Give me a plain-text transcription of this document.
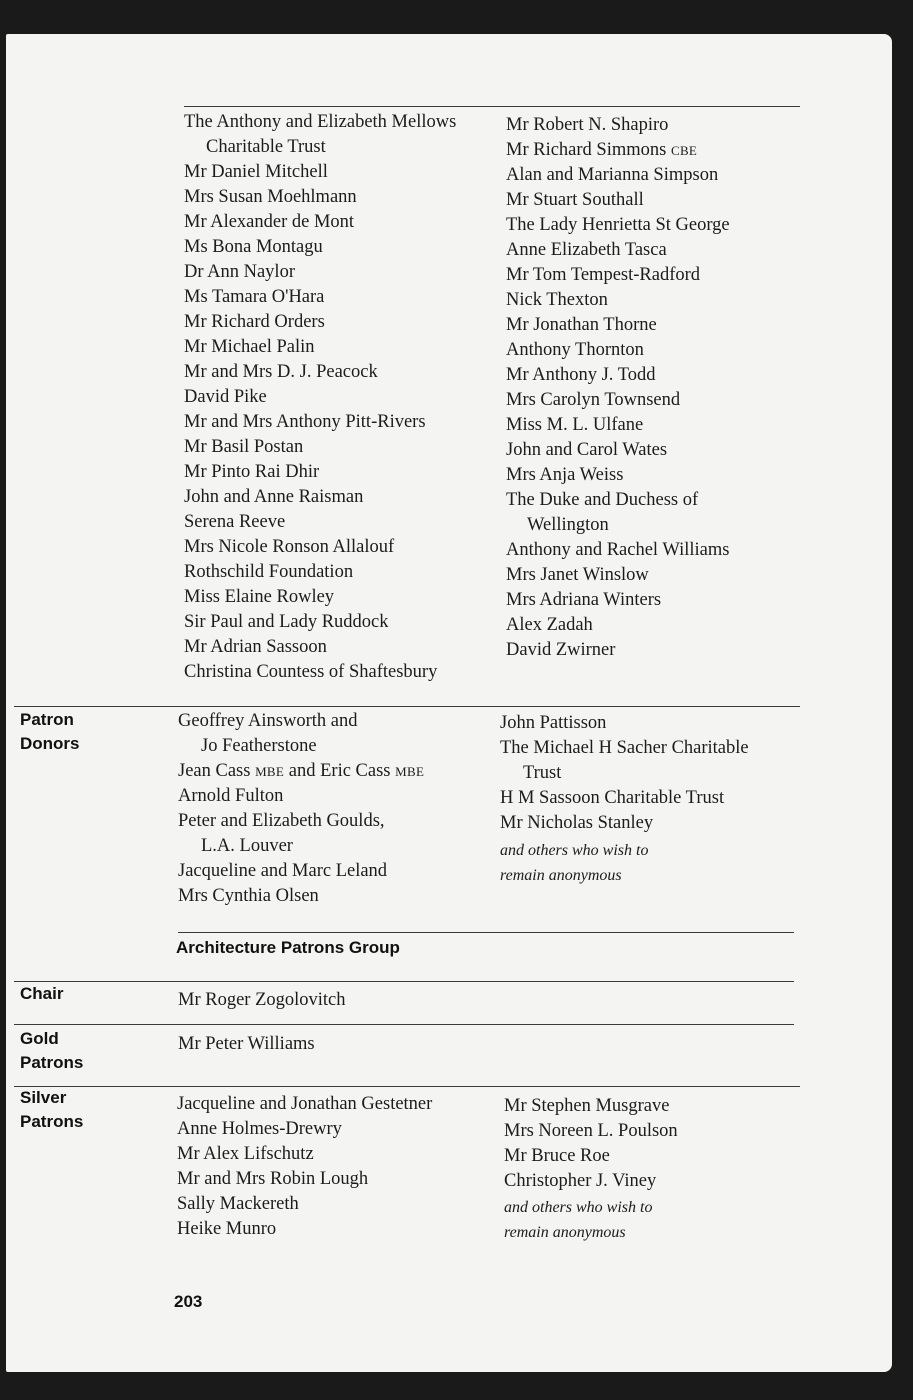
The Anthony and Elizabeth Mellows
Charitable Trust
Mr Daniel Mitchell
Mrs Susan Moehlmann
Mr Alexander de Mont
Ms Bona Montagu
Dr Ann Naylor
Ms Tamara O'Hara
Mr Richard Orders
Mr Michael Palin
Mr and Mrs D. J. Peacock
David Pike
Mr and Mrs Anthony Pitt-Rivers
Mr Basil Postan
Mr Pinto Rai Dhir
John and Anne Raisman
Serena Reeve
Mrs Nicole Ronson Allalouf
Rothschild Foundation
Miss Elaine Rowley
Sir Paul and Lady Ruddock
Mr Adrian Sassoon
Christina Countess of Shaftesbury
Mr Robert N. Shapiro
Mr Richard Simmons CBE
Alan and Marianna Simpson
Mr Stuart Southall
The Lady Henrietta St George
Anne Elizabeth Tasca
Mr Tom Tempest-Radford
Nick Thexton
Mr Jonathan Thorne
Anthony Thornton
Mr Anthony J. Todd
Mrs Carolyn Townsend
Miss M. L. Ulfane
John and Carol Wates
Mrs Anja Weiss
The Duke and Duchess of
Wellington
Anthony and Rachel Williams
Mrs Janet Winslow
Mrs Adriana Winters
Alex Zadah
David Zwirner
Patron
Donors
Geoffrey Ainsworth and
Jo Featherstone
Jean Cass MBE and Eric Cass MBE
Arnold Fulton
Peter and Elizabeth Goulds,
L.A. Louver
Jacqueline and Marc Leland
Mrs Cynthia Olsen
John Pattisson
The Michael H Sacher Charitable
Trust
H M Sassoon Charitable Trust
Mr Nicholas Stanley
and others who wish to
remain anonymous
Architecture Patrons Group
Chair	Mr Roger Zogolovitch
Gold
Patrons
Mr Peter Williams
Silver
Patrons
Jacqueline and Jonathan Gestetner
Anne Holmes-Drewry
Mr Alex Lifschutz
Mr and Mrs Robin Lough
Sally Mackereth
Heike Munro
Mr Stephen Musgrave
Mrs Noreen L. Poulson
Mr Bruce Roe
Christopher J. Viney
and others who wish to
remain anonymous
203
